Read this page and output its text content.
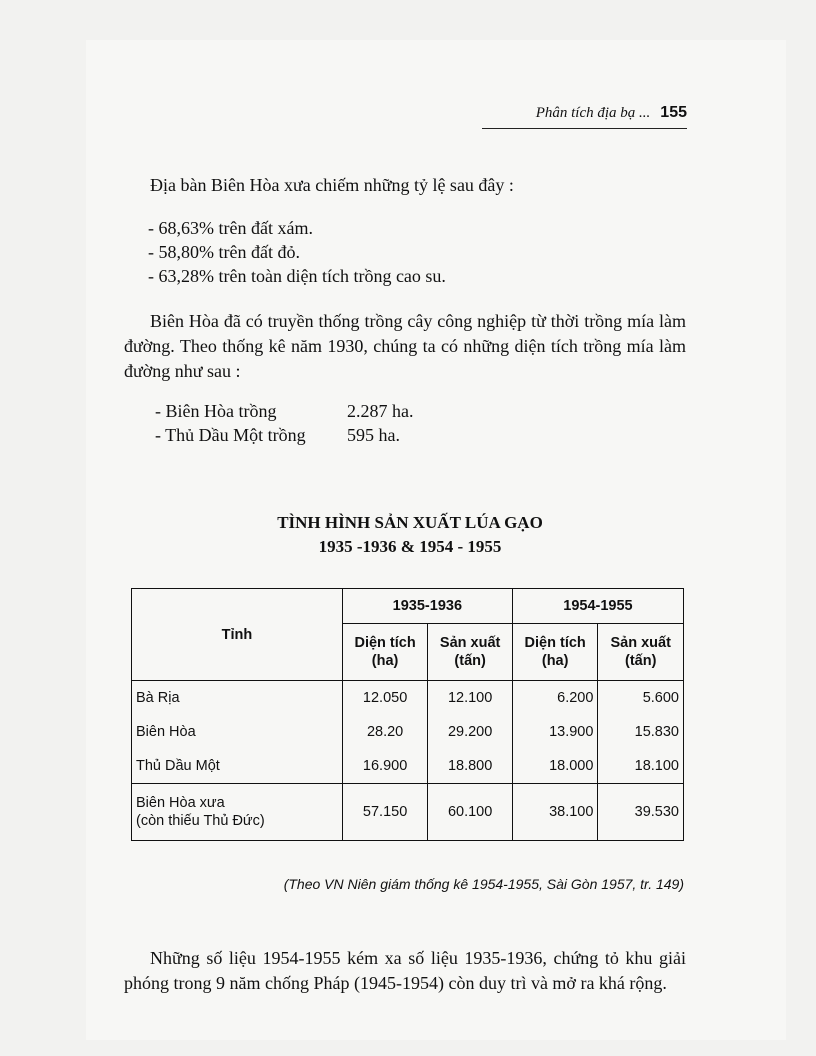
Phân tích địa bạ ... 155
Địa bàn Biên Hòa xưa chiếm những tỷ lệ sau đây :
- 68,63% trên đất xám.
- 58,80% trên đất đỏ.
- 63,28% trên toàn diện tích trồng cao su.
Biên Hòa đã có truyền thống trồng cây công nghiệp từ thời trồng mía làm đường. Theo thống kê năm 1930, chúng ta có những diện tích trồng mía làm đường như sau :
- Biên Hòa trồng	2.287 ha.
- Thủ Dầu Một trồng	595 ha.
TÌNH HÌNH SẢN XUẤT LÚA GẠO
1935 -1936 & 1954 - 1955
Tỉnh	1935-1936		1954-1955	
	Diện tích (ha)	Sản xuất (tấn)	Diện tích (ha)	Sản xuất (tấn)
Bà Rịa	12.050	12.100	6.200	5.600
Biên Hòa	28.20	29.200	13.900	15.830
Thủ Dầu Một	16.900	18.800	18.000	18.100

Biên Hòa xưa
(còn thiếu Thủ Đức)	57.150	60.100	38.100	39.530
(Theo VN Niên giám thống kê 1954-1955, Sài Gòn 1957, tr. 149)
Những số liệu 1954-1955 kém xa số liệu 1935-1936, chứng tỏ khu giải phóng trong 9 năm chống Pháp (1945-1954) còn duy trì và mở ra khá rộng.
